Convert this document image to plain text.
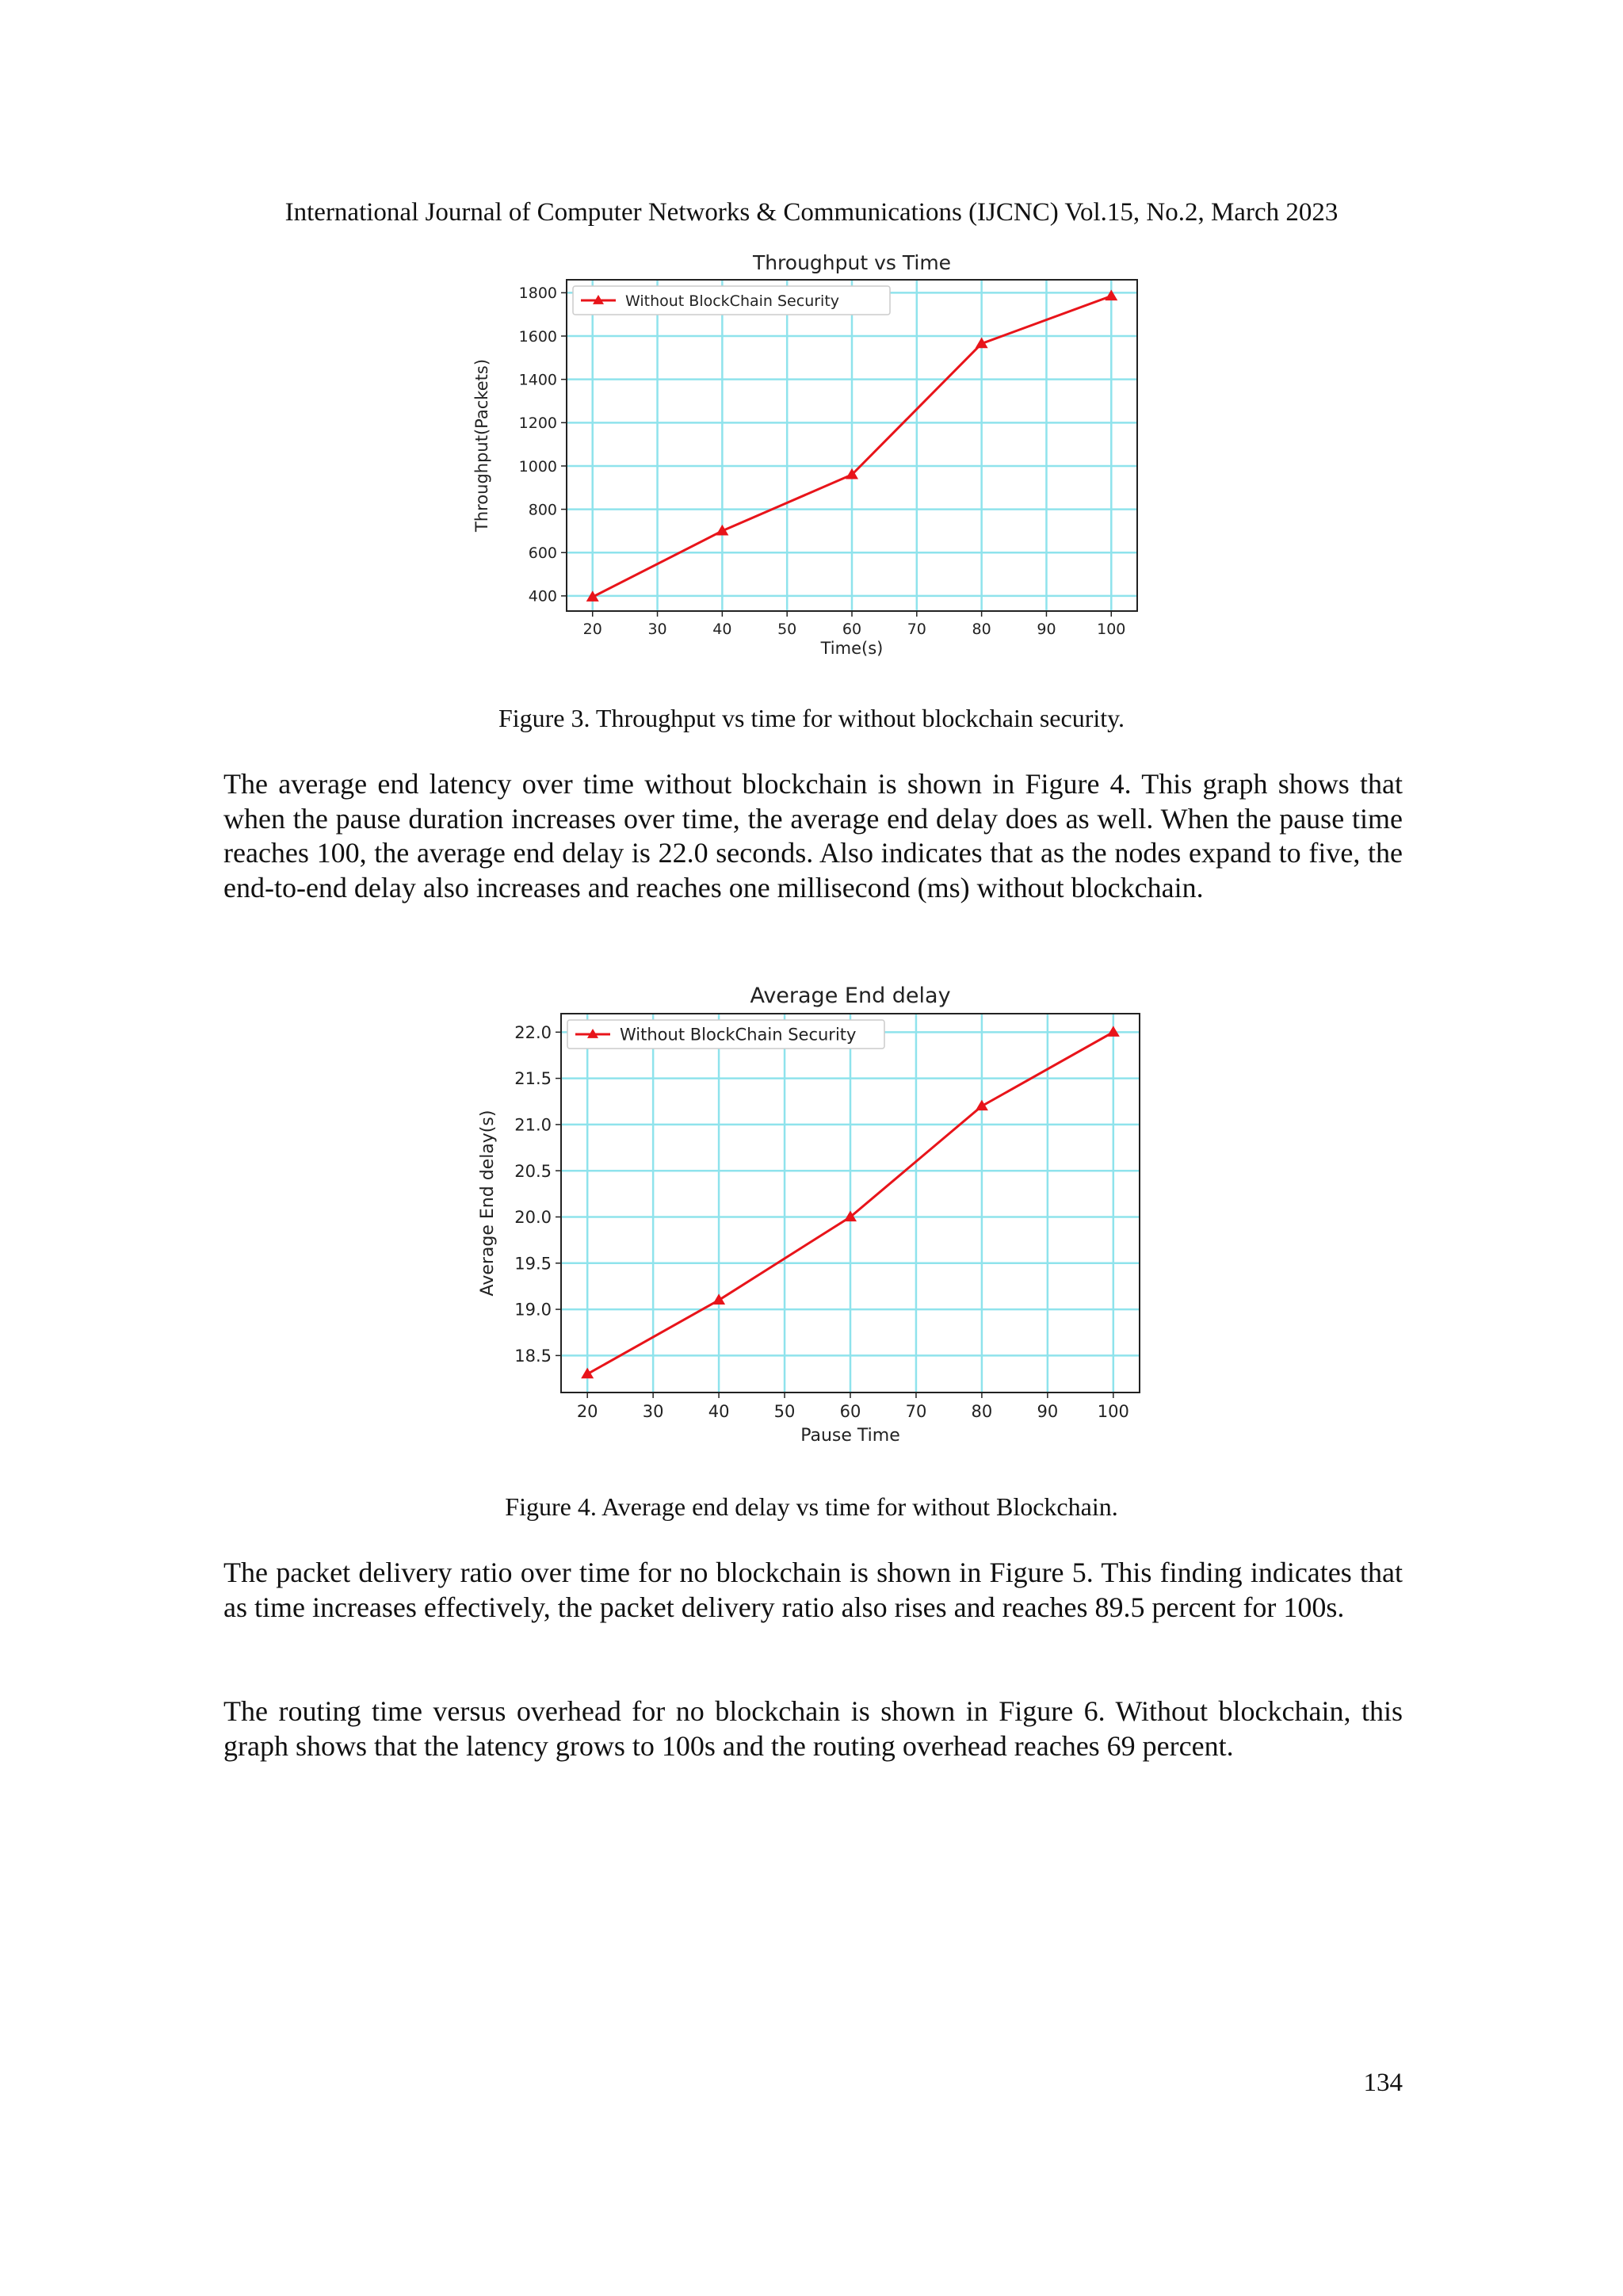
International Journal of Computer Networks & Communications (IJCNC) Vol.15, No.2, March 2023
20	30	40	50	60	70	80	90	100
400
600
800
1000
1200
1400
1600
1800
Throughput vs Time
Time(s)
Throughput(Packets)
Without BlockChain Security
Figure 3. Throughput vs time for without blockchain security.

The average end latency over time without blockchain is shown in Figure 4. This graph shows that when the pause duration increases over time, the average end delay does as well. When the pause time reaches 100, the average end delay is 22.0 seconds. Also indicates that as the nodes expand to five, the end-to-end delay also increases and reaches one millisecond (ms) without blockchain.

20	30	40	50	60	70	80	90 100
18.5
19.0
19.5
20.0
20.5
21.0
21.5
22.0
Average End delay
Pause Time
Average End delay(s)
Without BlockChain Security
Figure 4. Average end delay vs time for without Blockchain.

The packet delivery ratio over time for no blockchain is shown in Figure 5. This finding indicates that as time increases effectively, the packet delivery ratio also rises and reaches 89.5 percent for 100s.

The routing time versus overhead for no blockchain is shown in Figure 6. Without blockchain, this graph shows that the latency grows to 100s and the routing overhead reaches 69 percent.

134
